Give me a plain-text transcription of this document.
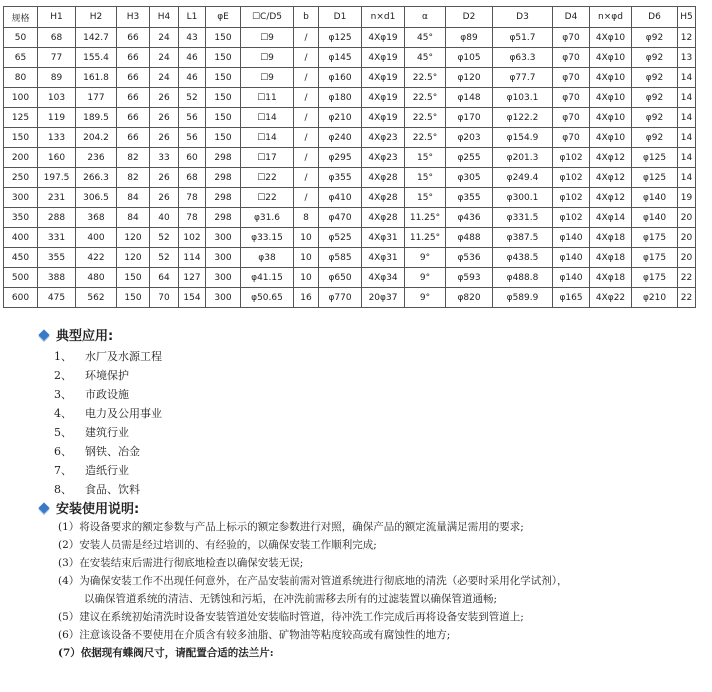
规格	H1	H2	H3	H4	L1	φE	☐C/D5	b	D1	n×d1	α	D2	D3	D4	n×φd	D6	H5
50	68	142.7	66	24	43	150	☐9	/	φ125	4Xφ19	45°	φ89	φ51.7	φ70	4Xφ10	φ92	12
65	77	155.4	66	24	46	150	☐9	/	φ145	4Xφ19	45°	φ105	φ63.3	φ70	4Xφ10	φ92	13
80	89	161.8	66	24	46	150	☐9	/	φ160	4Xφ19	22.5°	φ120	φ77.7	φ70	4Xφ10	φ92	14
100	103	177	66	26	52	150	☐11	/	φ180	4Xφ19	22.5°	φ148	φ103.1	φ70	4Xφ10	φ92	14
125	119	189.5	66	26	56	150	☐14	/	φ210	4Xφ19	22.5°	φ170	φ122.2	φ70	4Xφ10	φ92	14
150	133	204.2	66	26	56	150	☐14	/	φ240	4Xφ23	22.5°	φ203	φ154.9	φ70	4Xφ10	φ92	14
200	160	236	82	33	60	298	☐17	/	φ295	4Xφ23	15°	φ255	φ201.3	φ102	4Xφ12	φ125	14
250	197.5	266.3	82	26	68	298	☐22	/	φ355	4Xφ28	15°	φ305	φ249.4	φ102	4Xφ12	φ125	14
300	231	306.5	84	26	78	298	☐22	/	φ410	4Xφ28	15°	φ355	φ300.1	φ102	4Xφ12	φ140	19
350	288	368	84	40	78	298	φ31.6	8	φ470	4Xφ28	11.25°	φ436	φ331.5	φ102	4Xφ14	φ140	20
400	331	400	120	52	102	300	φ33.15	10	φ525	4Xφ31	11.25°	φ488	φ387.5	φ140	4Xφ18	φ175	20
450	355	422	120	52	114	300	φ38	10	φ585	4Xφ31	9°	φ536	φ438.5	φ140	4Xφ18	φ175	20
500	388	480	150	64	127	300	φ41.15	10	φ650	4Xφ34	9°	φ593	φ488.8	φ140	4Xφ18	φ175	22
600	475	562	150	70	154	300	φ50.65	16	φ770	20φ37	9°	φ820	φ589.9	φ165	4Xφ22	φ210	22
典型应用:
1、 水厂及水源工程
2、 环境保护
3、 市政设施
4、 电力及公用事业
5、 建筑行业
6、 钢铁、冶金
7、 造纸行业
8、 食品、饮料
安装使用说明:
(1）将设备要求的额定参数与产品上标示的额定参数进行对照，确保产品的额定流量满足需用的要求;
(2）安装人员需是经过培训的、有经验的，以确保安装工作顺利完成;
(3）在安装结束后需进行彻底地检查以确保安装无误;
(4）为确保安装工作不出现任何意外，在产品安装前需对管道系统进行彻底地的清洗（必要时采用化学试剂），
以确保管道系统的清洁、无锈蚀和污垢，在冲洗前需移去所有的过滤装置以确保管道通畅;
(5）建议在系统初始清洗时设备安装管道处安装临时管道，待冲洗工作完成后再将设备安装到管道上;
(6）注意该设备不要使用在介质含有较多油脂、矿物油等粘度较高或有腐蚀性的地方;
(7）依据现有蝶阀尺寸，请配置合适的法兰片:
